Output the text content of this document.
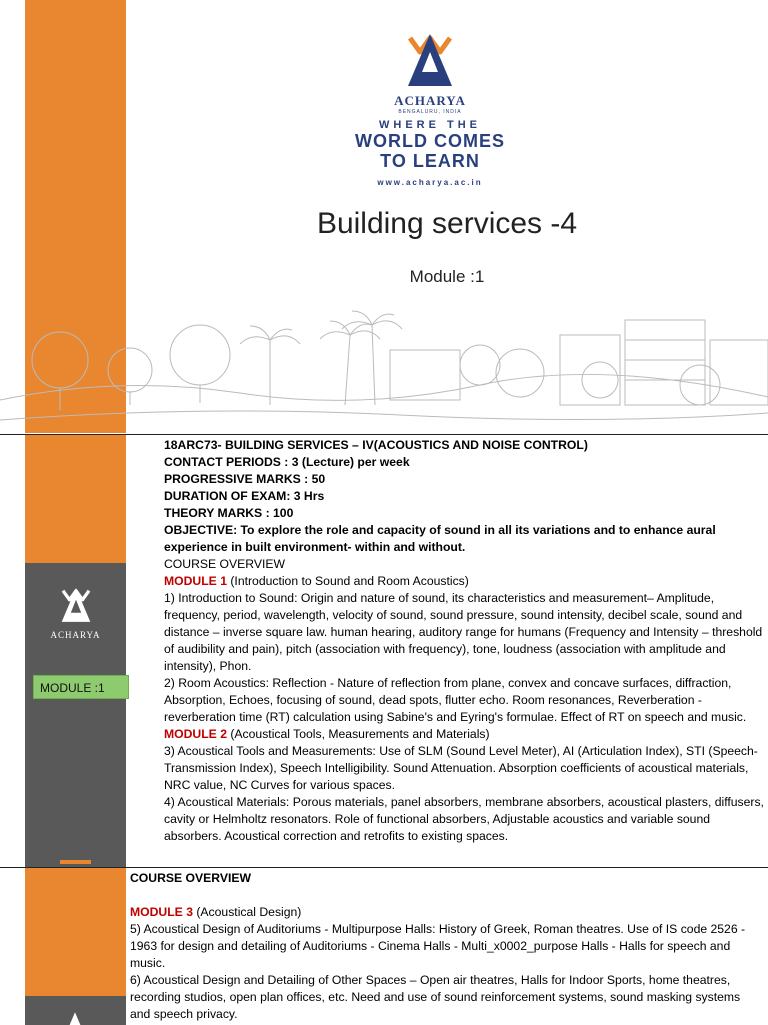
ACHARYA
BENGALURU, INDIA
WHERE THE
WORLD COMES
TO LEARN
www.acharya.ac.in
Building services -4
Module :1
ACHARYA
MODULE :1

18ARC73- BUILDING SERVICES – IV(ACOUSTICS AND NOISE CONTROL)

CONTACT PERIODS : 3 (Lecture) per week

PROGRESSIVE MARKS : 50

DURATION OF EXAM: 3 Hrs

THEORY MARKS : 100

OBJECTIVE: To explore the role and capacity of sound in all its variations and to enhance aural experience in built environment- within and without.

COURSE OVERVIEW

MODULE 1 (Introduction to Sound and Room Acoustics)

1) Introduction to Sound: Origin and nature of sound, its characteristics and measurement– Amplitude, frequency, period, wavelength, velocity of sound, sound pressure, sound intensity, decibel scale, sound and distance – inverse square law. human hearing, auditory range for humans (Frequency and Intensity – threshold of audibility and pain), pitch (association with frequency), tone, loudness (association with amplitude and intensity), Phon.

2) Room Acoustics: Reflection - Nature of reflection from plane, convex and concave surfaces, diffraction, Absorption, Echoes, focusing of sound, dead spots, flutter echo. Room resonances, Reverberation - reverberation time (RT) calculation using Sabine's and Eyring's formulae. Effect of RT on speech and music.

MODULE 2 (Acoustical Tools, Measurements and Materials)

3) Acoustical Tools and Measurements: Use of SLM (Sound Level Meter), AI (Articulation Index), STI (Speech-Transmission Index), Speech Intelligibility. Sound Attenuation. Absorption coefficients of acoustical materials, NRC value, NC Curves for various spaces.

4) Acoustical Materials: Porous materials, panel absorbers, membrane absorbers, acoustical plasters, diffusers, cavity or Helmholtz resonators. Role of functional absorbers, Adjustable acoustics and variable sound absorbers. Acoustical correction and retrofits to existing spaces.

COURSE OVERVIEW

MODULE 3 (Acoustical Design)

5) Acoustical Design of Auditoriums - Multipurpose Halls: History of Greek, Roman theatres. Use of IS code 2526 - 1963 for design and detailing of Auditoriums - Cinema Halls - Multi_x0002_purpose Halls - Halls for speech and music.

6) Acoustical Design and Detailing of Other Spaces – Open air theatres, Halls for Indoor Sports, home theatres, recording studios, open plan offices, etc. Need and use of sound reinforcement systems, sound masking systems and speech privacy.
